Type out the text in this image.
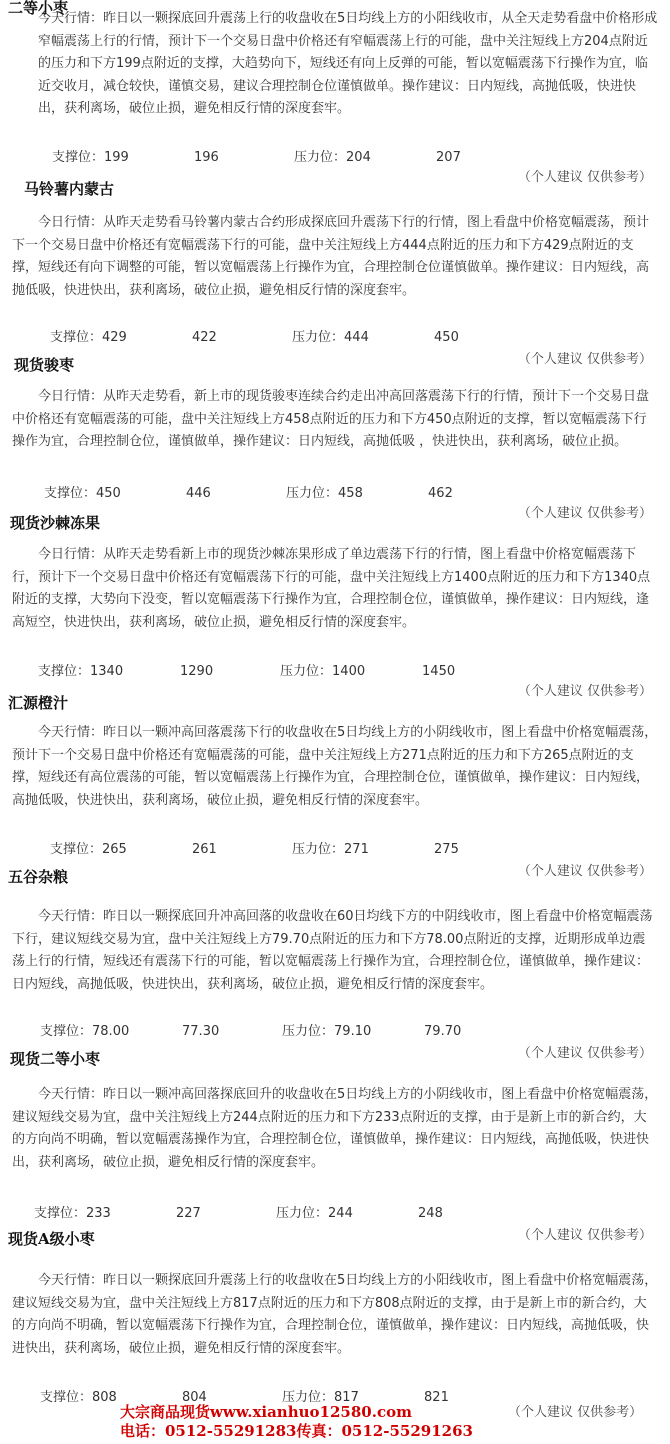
二等小枣
今天行情：昨日以一颗探底回升震荡上行的收盘收在5日均线上方的小阳线收市，从全天走势看盘中价格形成窄幅震荡上行的行情，预计下一个交易日盘中价格还有窄幅震荡上行的可能，盘中关注短线上方204点附近的压力和下方199点附近的支撑，大趋势向下，短线还有向上反弹的可能，暂以宽幅震荡下行操作为宜，临近交收月，减仓较快，谨慎交易，建议合理控制仓位谨慎做单。操作建议：日内短线，高抛低吸，快进快出，获利离场，破位止损，避免相反行情的深度套牢。
支撑位：199	196	压力位：204	207
（个人建议 仅供参考）
马铃薯内蒙古
今日行情：从昨天走势看马铃薯内蒙古合约形成探底回升震荡下行的行情，图上看盘中价格宽幅震荡，预计下一个交易日盘中价格还有宽幅震荡下行的可能，盘中关注短线上方444点附近的压力和下方429点附近的支撑，短线还有向下调整的可能，暂以宽幅震荡上行操作为宜，合理控制仓位谨慎做单。操作建议：日内短线，高抛低吸，快进快出，获利离场，破位止损，避免相反行情的深度套牢。
支撑位：429	422	压力位：444	450
（个人建议 仅供参考）
现货骏枣
今日行情：从昨天走势看，新上市的现货骏枣连续合约走出冲高回落震荡下行的行情，预计下一个交易日盘中价格还有宽幅震荡的可能，盘中关注短线上方458点附近的压力和下方450点附近的支撑，暂以宽幅震荡下行操作为宜，合理控制仓位，谨慎做单，操作建议：日内短线，高抛低吸 ，快进快出，获利离场，破位止损。
支撑位：450	446	压力位：458	462
（个人建议 仅供参考）
现货沙棘冻果
今日行情：从昨天走势看新上市的现货沙棘冻果形成了单边震荡下行的行情，图上看盘中价格宽幅震荡下行，预计下一个交易日盘中价格还有宽幅震荡下行的可能，盘中关注短线上方1400点附近的压力和下方1340点附近的支撑，大势向下没变，暂以宽幅震荡下行操作为宜，合理控制仓位，谨慎做单，操作建议：日内短线，逢高短空，快进快出，获利离场，破位止损，避免相反行情的深度套牢。
支撑位：1340	1290	压力位：1400	1450
（个人建议 仅供参考）
汇源橙汁
今天行情：昨日以一颗冲高回落震荡下行的收盘收在5日均线上方的小阴线收市，图上看盘中价格宽幅震荡，预计下一个交易日盘中价格还有宽幅震荡的可能，盘中关注短线上方271点附近的压力和下方265点附近的支撑，短线还有高位震荡的可能，暂以宽幅震荡上行操作为宜，合理控制仓位，谨慎做单，操作建议：日内短线，高抛低吸，快进快出，获利离场，破位止损，避免相反行情的深度套牢。
支撑位：265	261	压力位：271	275
（个人建议 仅供参考）
五谷杂粮
今天行情：昨日以一颗探底回升冲高回落的收盘收在60日均线下方的中阴线收市，图上看盘中价格宽幅震荡下行，建议短线交易为宜，盘中关注短线上方79.70点附近的压力和下方78.00点附近的支撑，近期形成单边震荡上行的行情，短线还有震荡下行的可能，暂以宽幅震荡上行操作为宜，合理控制仓位，谨慎做单，操作建议：日内短线，高抛低吸，快进快出，获利离场，破位止损，避免相反行情的深度套牢。
支撑位：78.00	77.30	压力位：79.10	79.70
（个人建议 仅供参考）
现货二等小枣
今天行情：昨日以一颗冲高回落探底回升的收盘收在5日均线上方的小阴线收市，图上看盘中价格宽幅震荡，建议短线交易为宜，盘中关注短线上方244点附近的压力和下方233点附近的支撑，由于是新上市的新合约，大的方向尚不明确，暂以宽幅震荡操作为宜，合理控制仓位，谨慎做单，操作建议：日内短线，高抛低吸，快进快出，获利离场，破位止损，避免相反行情的深度套牢。
支撑位：233	227	压力位：244	248
（个人建议 仅供参考）
现货A级小枣
今天行情：昨日以一颗探底回升震荡上行的收盘收在5日均线上方的小阳线收市，图上看盘中价格宽幅震荡，建议短线交易为宜，盘中关注短线上方817点附近的压力和下方808点附近的支撑，由于是新上市的新合约，大的方向尚不明确，暂以宽幅震荡下行操作为宜，合理控制仓位，谨慎做单，操作建议：日内短线，高抛低吸，快进快出，获利离场，破位止损，避免相反行情的深度套牢。
支撑位：808	804	压力位：817	821
大宗商品现货www.xianhuo12580.com
电话：0512-55291283传真：0512-55291263
（个人建议 仅供参考）
